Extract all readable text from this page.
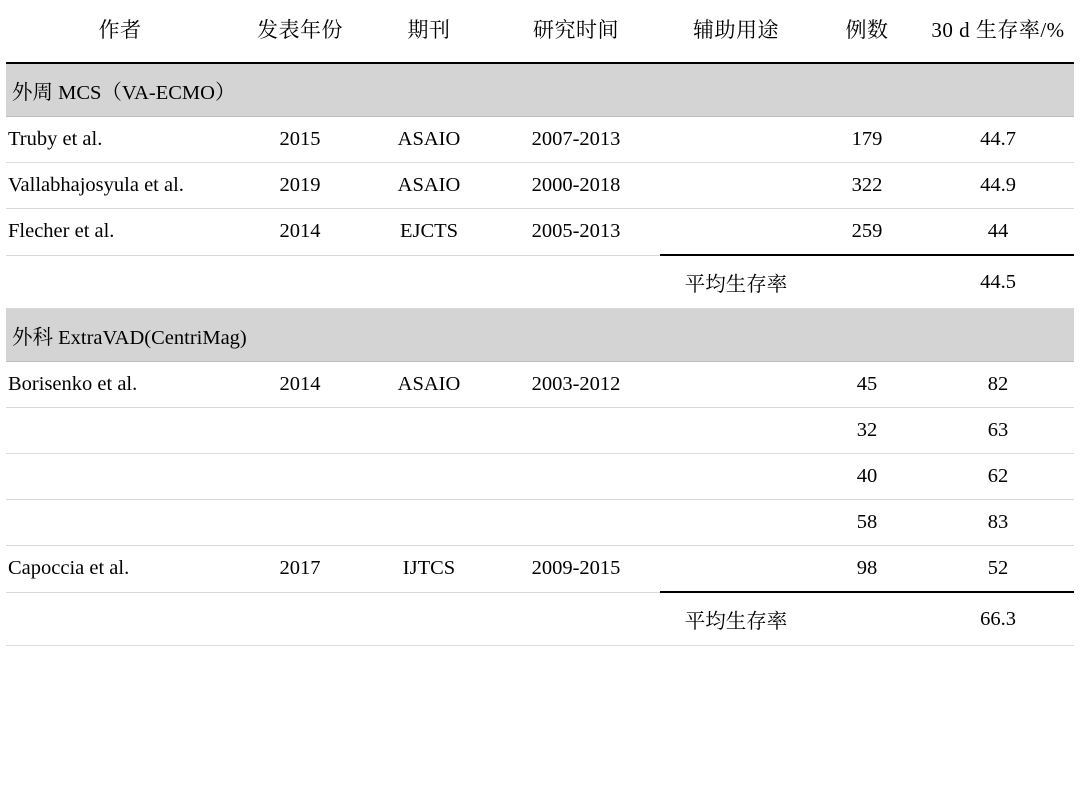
作者	发表年份	期刊	研究时间	辅助用途	例数	30 d 生存率/%
外周 MCS（VA-ECMO）						
Truby et al.	2015	ASAIO	2007-2013		179	44.7
Vallabhajosyula et al.	2019	ASAIO	2000-2018		322	44.9
Flecher et al.	2014	EJCTS	2005-2013		259	44
				平均生存率		44.5
外科 ExtraVAD(CentriMag)						
Borisenko et al.	2014	ASAIO	2003-2012		45	82
					32	63
					40	62
					58	83
Capoccia et al.	2017	IJTCS	2009-2015		98	52
				平均生存率		66.3
